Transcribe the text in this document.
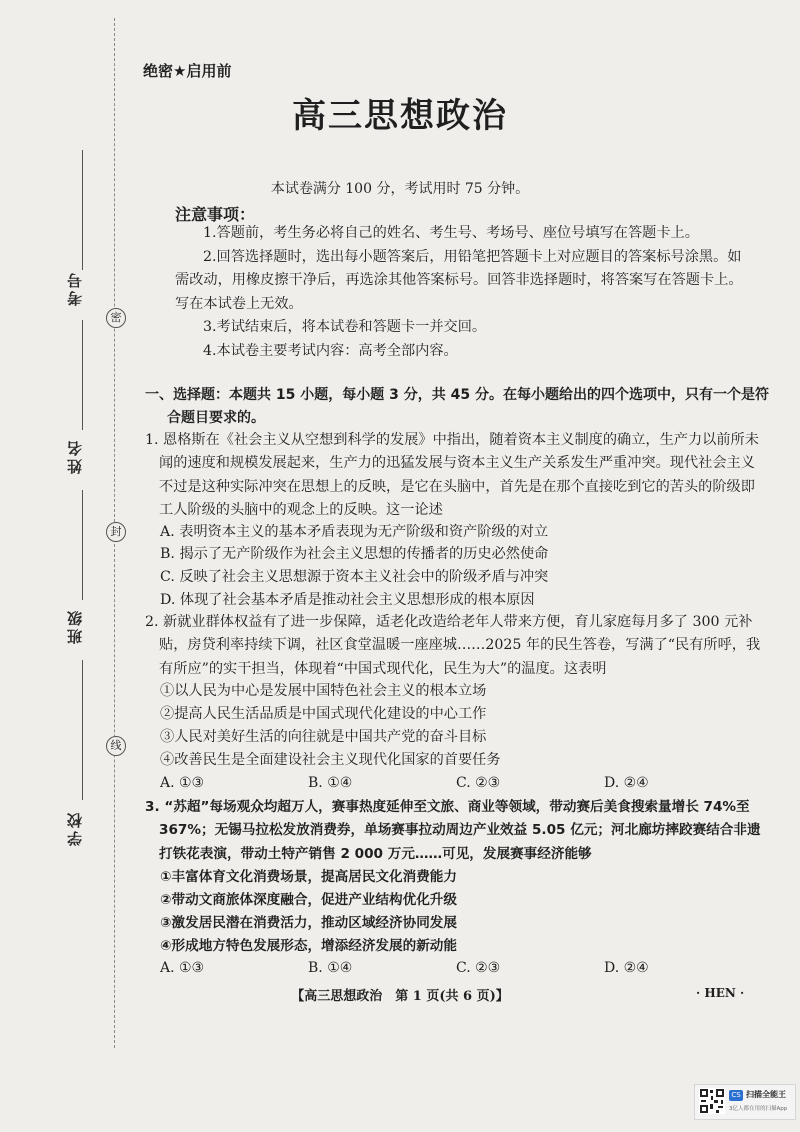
考号
姓名
班级
学校
密
封
线
绝密★启用前
高三思想政治
本试卷满分 100 分，考试用时 75 分钟。
注意事项：
1.答题前，考生务必将自己的姓名、考生号、考场号、座位号填写在答题卡上。
2.回答选择题时，选出每小题答案后，用铅笔把答题卡上对应题目的答案标号涂黑。如需改动，用橡皮擦干净后，再选涂其他答案标号。回答非选择题时，将答案写在答题卡上。写在本试卷上无效。
3.考试结束后，将本试卷和答题卡一并交回。
4.本试卷主要考试内容：高考全部内容。
一、选择题：本题共 15 小题，每小题 3 分，共 45 分。在每小题给出的四个选项中，只有一个是符合题目要求的。
1. 恩格斯在《社会主义从空想到科学的发展》中指出，随着资本主义制度的确立，生产力以前所未闻的速度和规模发展起来，生产力的迅猛发展与资本主义生产关系发生严重冲突。现代社会主义不过是这种实际冲突在思想上的反映，是它在头脑中，首先是在那个直接吃到它的苦头的阶级即工人阶级的头脑中的观念上的反映。这一论述
A. 表明资本主义的基本矛盾表现为无产阶级和资产阶级的对立
B. 揭示了无产阶级作为社会主义思想的传播者的历史必然使命
C. 反映了社会主义思想源于资本主义社会中的阶级矛盾与冲突
D. 体现了社会基本矛盾是推动社会主义思想形成的根本原因
2. 新就业群体权益有了进一步保障，适老化改造给老年人带来方便，育儿家庭每月多了 300 元补贴，房贷利率持续下调，社区食堂温暖一座座城……2025 年的民生答卷，写满了“民有所呼，我有所应”的实干担当，体现着“中国式现代化，民生为大”的温度。这表明
①以人民为中心是发展中国特色社会主义的根本立场
②提高人民生活品质是中国式现代化建设的中心工作
③人民对美好生活的向往就是中国共产党的奋斗目标
④改善民生是全面建设社会主义现代化国家的首要任务
A. ①③	B. ①④	C. ②③	D. ②④
3. “苏超”每场观众均超万人，赛事热度延伸至文旅、商业等领域，带动赛后美食搜索量增长 74%至 367%；无锡马拉松发放消费券，单场赛事拉动周边产业效益 5.05 亿元；河北廊坊摔跤赛结合非遗打铁花表演，带动土特产销售 2 000 万元……可见，发展赛事经济能够
①丰富体育文化消费场景，提高居民文化消费能力
②带动文商旅体深度融合，促进产业结构优化升级
③激发居民潜在消费活力，推动区域经济协同发展
④形成地方特色发展形态，增添经济发展的新动能
A. ①③	B. ①④	C. ②③	D. ②④
【高三思想政治　第 1 页(共 6 页)】	· HEN ·
CS 扫描全能王
3亿人都在用的扫描App
